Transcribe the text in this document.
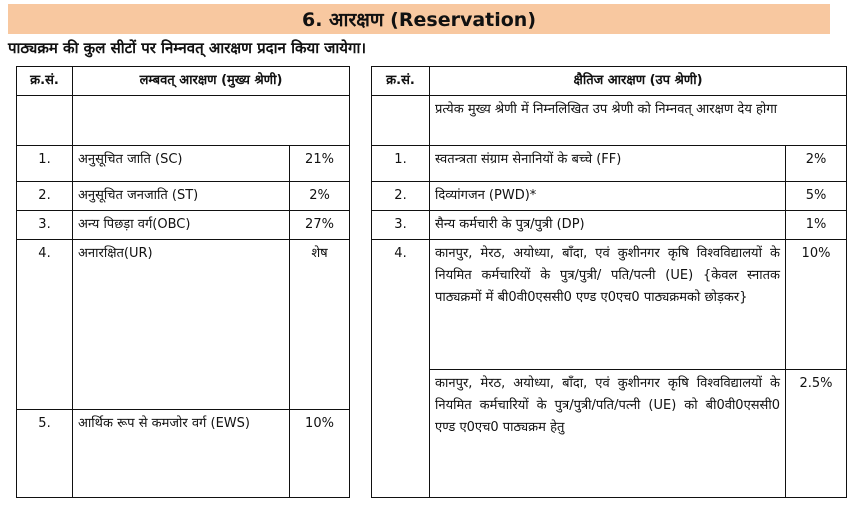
6. आरक्षण (Reservation)
पाठ्यक्रम की कुल सीटों पर निम्नवत् आरक्षण प्रदान किया जायेगा।
क्र.सं.	लम्बवत् आरक्षण (मुख्य श्रेणी)			क्र.सं.	क्षैतिज आरक्षण (उप श्रेणी)	
					प्रत्येक मुख्य श्रेणी में निम्नलिखित उप श्रेणी को निम्नवत् आरक्षण देय होगा	
1.	अनुसूचित जाति (SC)	21%		1.	स्वतन्त्रता संग्राम सेनानियों के बच्चे (FF)	2%
2.	अनुसूचित जनजाति (ST)	2%		2.	दिव्यांगजन (PWD)*	5%
3.	अन्य पिछड़ा वर्ग(OBC)	27%		3.	सैन्य कर्मचारी के पुत्र/पुत्री (DP)	1%
4.	अनारक्षित(UR)	शेष		4.	कानपुर, मेरठ, अयोध्या, बाँदा, एवं कुशीनगर कृषि विश्वविद्यालयों के नियमित कर्मचारियों के पुत्र/पुत्री/ पति/पत्नी (UE) {केवल स्नातक पाठ्यक्रमों में बी0वी0एससी0 एण्ड ए0एच0 पाठ्यक्रमको छोड़कर}	10%
					कानपुर, मेरठ, अयोध्या, बाँदा, एवं कुशीनगर कृषि विश्वविद्यालयों के नियमित कर्मचारियों के पुत्र/पुत्री/पति/पत्नी (UE) को बी0वी0एससी0 एण्ड ए0एच0 पाठ्यक्रम हेतु	2.5%
5.	आर्थिक रूप से कमजोर वर्ग (EWS)	10%				
